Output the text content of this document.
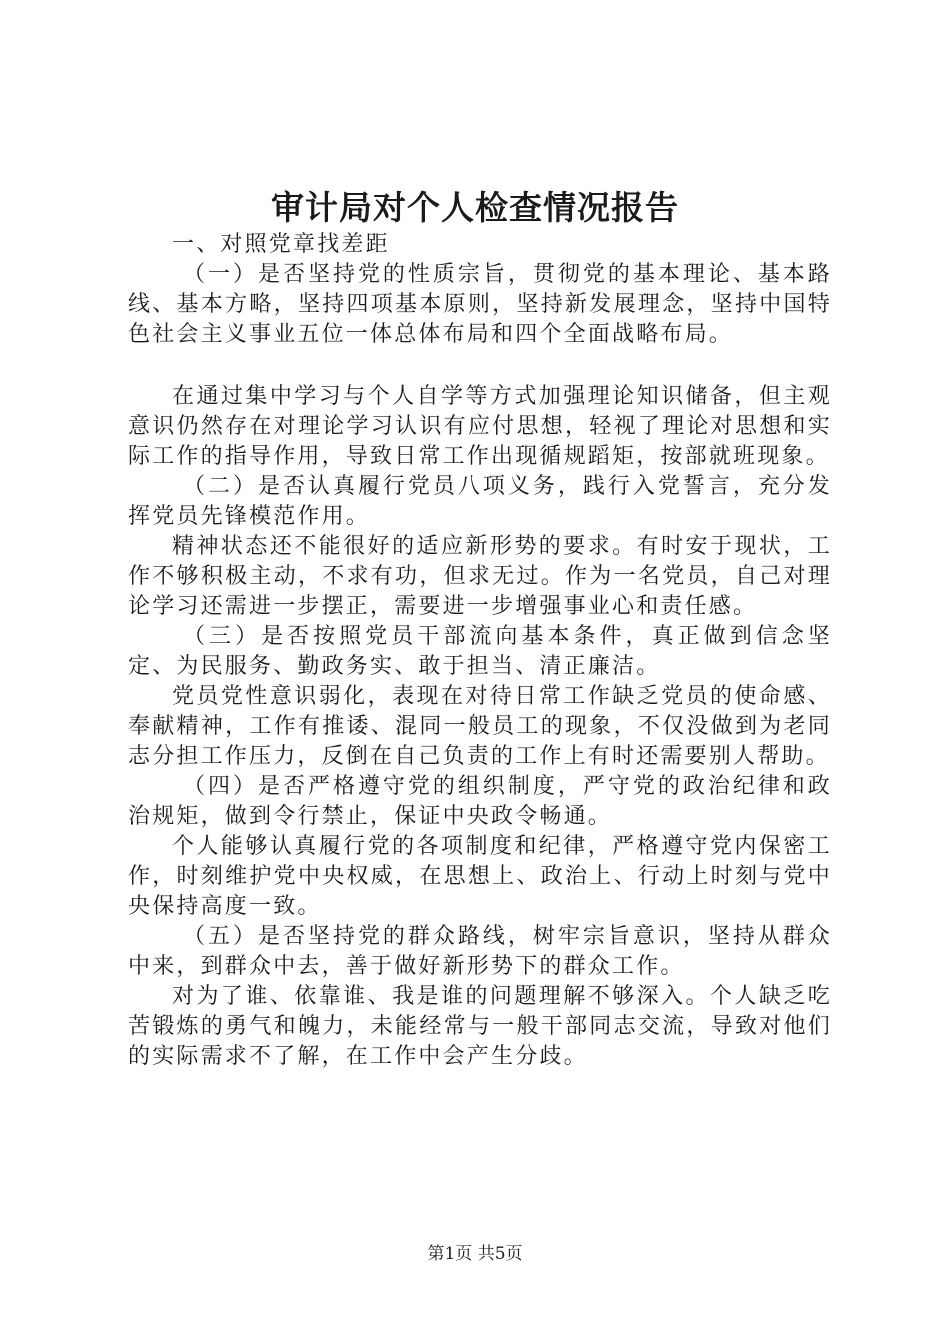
审计局对个人检查情况报告

一、对照党章找差距

（一）是否坚持党的性质宗旨，贯彻党的基本理论、基本路线、基本方略，坚持四项基本原则，坚持新发展理念，坚持中国特色社会主义事业五位一体总体布局和四个全面战略布局。

在通过集中学习与个人自学等方式加强理论知识储备，但主观意识仍然存在对理论学习认识有应付思想，轻视了理论对思想和实际工作的指导作用，导致日常工作出现循规蹈矩，按部就班现象。

（二）是否认真履行党员八项义务，践行入党誓言，充分发挥党员先锋模范作用。

精神状态还不能很好的适应新形势的要求。有时安于现状，工作不够积极主动，不求有功，但求无过。作为一名党员，自己对理论学习还需进一步摆正，需要进一步增强事业心和责任感。

（三）是否按照党员干部流向基本条件，真正做到信念坚定、为民服务、勤政务实、敢于担当、清正廉洁。

党员党性意识弱化，表现在对待日常工作缺乏党员的使命感、奉献精神，工作有推诿、混同一般员工的现象，不仅没做到为老同志分担工作压力，反倒在自己负责的工作上有时还需要别人帮助。

（四）是否严格遵守党的组织制度，严守党的政治纪律和政治规矩，做到令行禁止，保证中央政令畅通。

个人能够认真履行党的各项制度和纪律，严格遵守党内保密工作，时刻维护党中央权威，在思想上、政治上、行动上时刻与党中央保持高度一致。

（五）是否坚持党的群众路线，树牢宗旨意识，坚持从群众中来，到群众中去，善于做好新形势下的群众工作。

对为了谁、依靠谁、我是谁的问题理解不够深入。个人缺乏吃苦锻炼的勇气和魄力，未能经常与一般干部同志交流，导致对他们的实际需求不了解，在工作中会产生分歧。

第1页 共5页
